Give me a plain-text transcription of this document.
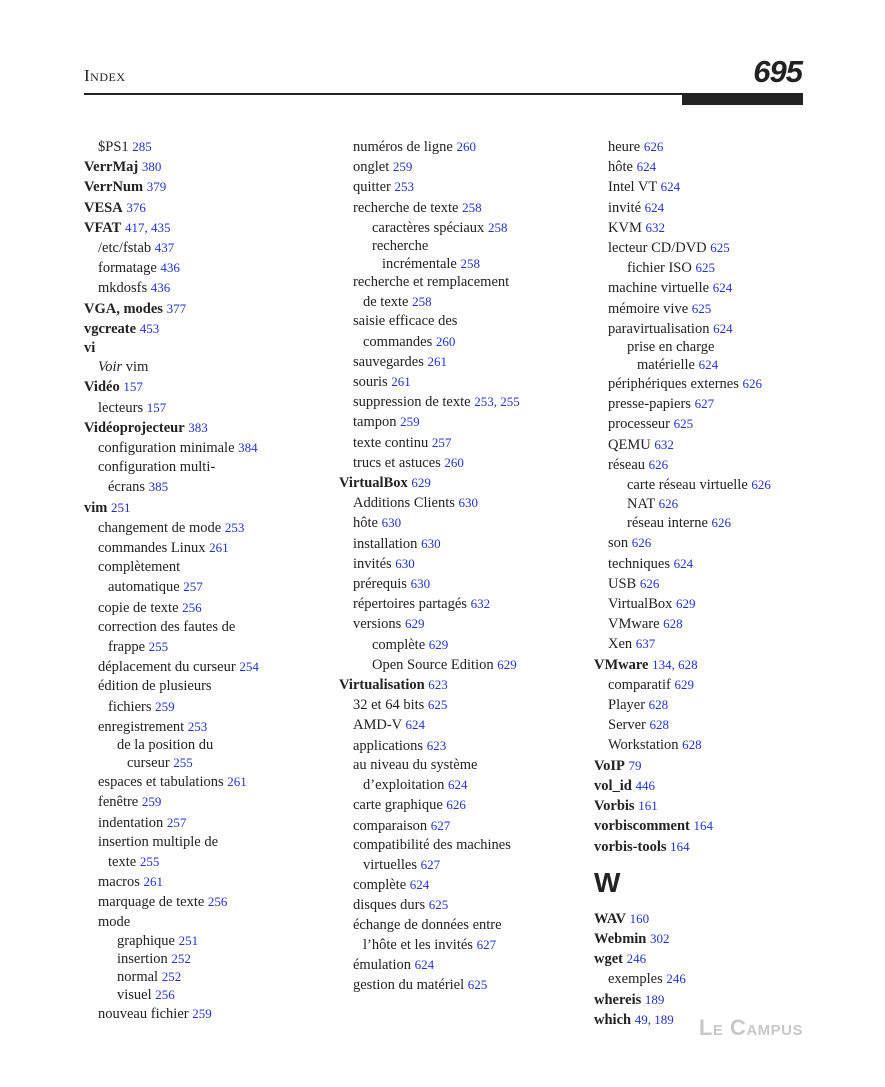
Index	695
$PS1 285
VerrMaj 380
VerrNum 379
VESA 376
VFAT 417, 435
/etc/fstab 437
formatage 436
mkdosfs 436
VGA, modes 377
vgcreate 453
vi
Voir vim
Vidéo 157
lecteurs 157
Vidéoprojecteur 383
configuration minimale 384
configuration multi-
écrans 385
vim 251
changement de mode 253
commandes Linux 261
complètement
automatique 257
copie de texte 256
correction des fautes de
frappe 255
déplacement du curseur 254
édition de plusieurs
fichiers 259
enregistrement 253
de la position du
curseur 255
espaces et tabulations 261
fenêtre 259
indentation 257
insertion multiple de
texte 255
macros 261
marquage de texte 256
mode
graphique 251
insertion 252
normal 252
visuel 256
nouveau fichier 259
numéros de ligne 260
onglet 259
quitter 253
recherche de texte 258
caractères spéciaux 258
recherche
incrémentale 258
recherche et remplacement
de texte 258
saisie efficace des
commandes 260
sauvegardes 261
souris 261
suppression de texte 253, 255
tampon 259
texte continu 257
trucs et astuces 260
VirtualBox 629
Additions Clients 630
hôte 630
installation 630
invités 630
prérequis 630
répertoires partagés 632
versions 629
complète 629
Open Source Edition 629
Virtualisation 623
32 et 64 bits 625
AMD-V 624
applications 623
au niveau du système
d’exploitation 624
carte graphique 626
comparaison 627
compatibilité des machines
virtuelles 627
complète 624
disques durs 625
échange de données entre
l’hôte et les invités 627
émulation 624
gestion du matériel 625
heure 626
hôte 624
Intel VT 624
invité 624
KVM 632
lecteur CD/DVD 625
fichier ISO 625
machine virtuelle 624
mémoire vive 625
paravirtualisation 624
prise en charge
matérielle 624
périphériques externes 626
presse-papiers 627
processeur 625
QEMU 632
réseau 626
carte réseau virtuelle 626
NAT 626
réseau interne 626
son 626
techniques 624
USB 626
VirtualBox 629
VMware 628
Xen 637
VMware 134, 628
comparatif 629
Player 628
Server 628
Workstation 628
VoIP 79
vol_id 446
Vorbis 161
vorbiscomment 164
vorbis-tools 164
W
WAV 160
Webmin 302
wget 246
exemples 246
whereis 189
which 49, 189	Le Campus
